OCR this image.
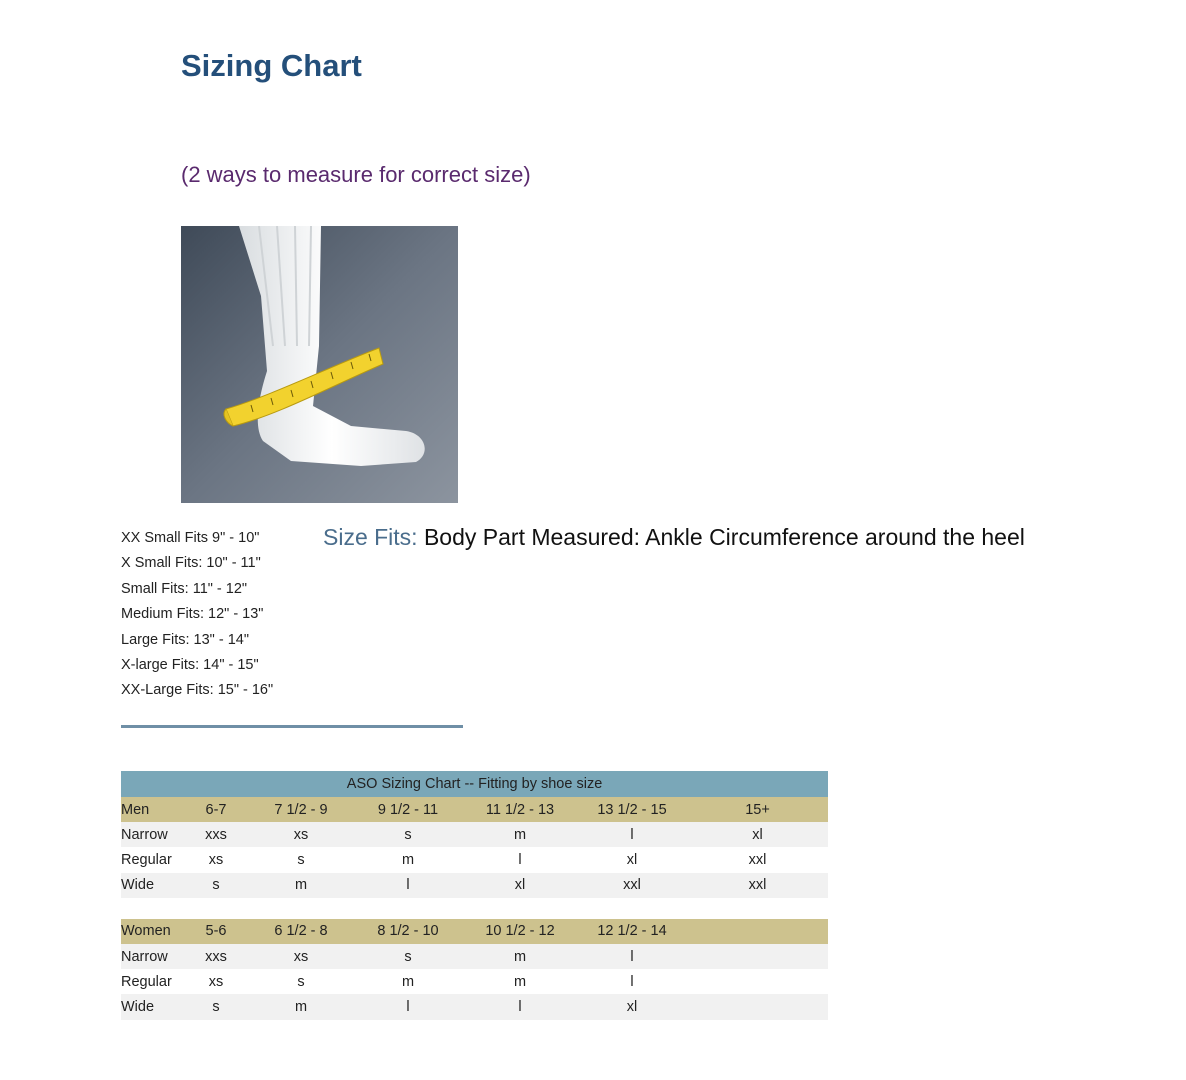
Sizing Chart
(2 ways to measure for correct size)
XX Small Fits 9" - 10"
X Small Fits: 10" - 11"
Small Fits: 11" - 12"
Medium Fits: 12" - 13"
Large Fits: 13" - 14"
X-large Fits: 14" - 15"
XX-Large Fits: 15" - 16"
Size Fits: Body Part Measured: Ankle Circumference around the heel
ASO Sizing Chart -- Fitting by shoe size						
Men	6-7	7 1/2 - 9	9 1/2 - 11	11 1/2 - 13	13 1/2 - 15	15+
Narrow	xxs	xs	s	m	l	xl
Regular	xs	s	m	l	xl	xxl
Wide	s	m	l	xl	xxl	xxl

Women	5-6	6 1/2 - 8	8 1/2 - 10	10 1/2 - 12	12 1/2 - 14	
Narrow	xxs	xs	s	m	l	
Regular	xs	s	m	m	l	
Wide	s	m	l	l	xl	
